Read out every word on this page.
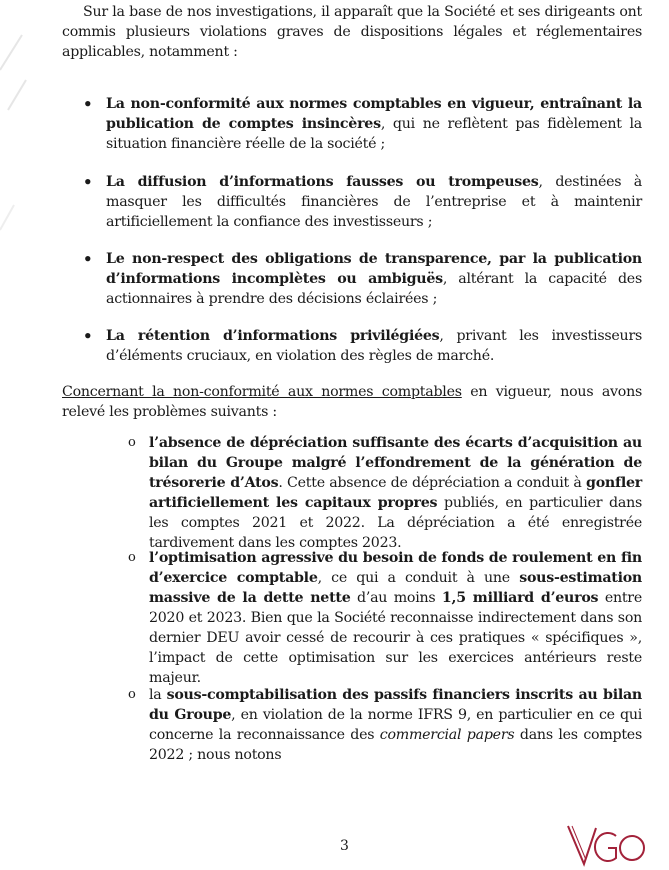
Sur la base de nos investigations, il apparaît que la Société et ses dirigeants ont commis plusieurs violations graves de dispositions légales et réglementaires applicables, notamment :
• La non-conformité aux normes comptables en vigueur, entraînant la publication de comptes insincères, qui ne reflètent pas fidèlement la situation financière réelle de la société ;
• La diffusion d’informations fausses ou trompeuses, destinées à masquer les difficultés financières de l’entreprise et à maintenir artificiellement la confiance des investisseurs ;
• Le non-respect des obligations de transparence, par la publication d’informations incomplètes ou ambiguës, altérant la capacité des actionnaires à prendre des décisions éclairées ;
• La rétention d’informations privilégiées, privant les investisseurs d’éléments cruciaux, en violation des règles de marché.
Concernant la non-conformité aux normes comptables en vigueur, nous avons relevé les problèmes suivants :
o l’absence de dépréciation suffisante des écarts d’acquisition au bilan du Groupe malgré l’effondrement de la génération de trésorerie d’Atos. Cette absence de dépréciation a conduit à gonfler artificiellement les capitaux propres publiés, en particulier dans les comptes 2021 et 2022. La dépréciation a été enregistrée tardivement dans les comptes 2023.
o l’optimisation agressive du besoin de fonds de roulement en fin d’exercice comptable, ce qui a conduit à une sous-estimation massive de la dette nette d’au moins 1,5 milliard d’euros entre 2020 et 2023. Bien que la Société reconnaisse indirectement dans son dernier DEU avoir cessé de recourir à ces pratiques « spécifiques », l’impact de cette optimisation sur les exercices antérieurs reste majeur.
o la sous-comptabilisation des passifs financiers inscrits au bilan du Groupe, en violation de la norme IFRS 9, en particulier en ce qui concerne la reconnaissance des commercial papers dans les comptes 2022 ; nous notons
3
